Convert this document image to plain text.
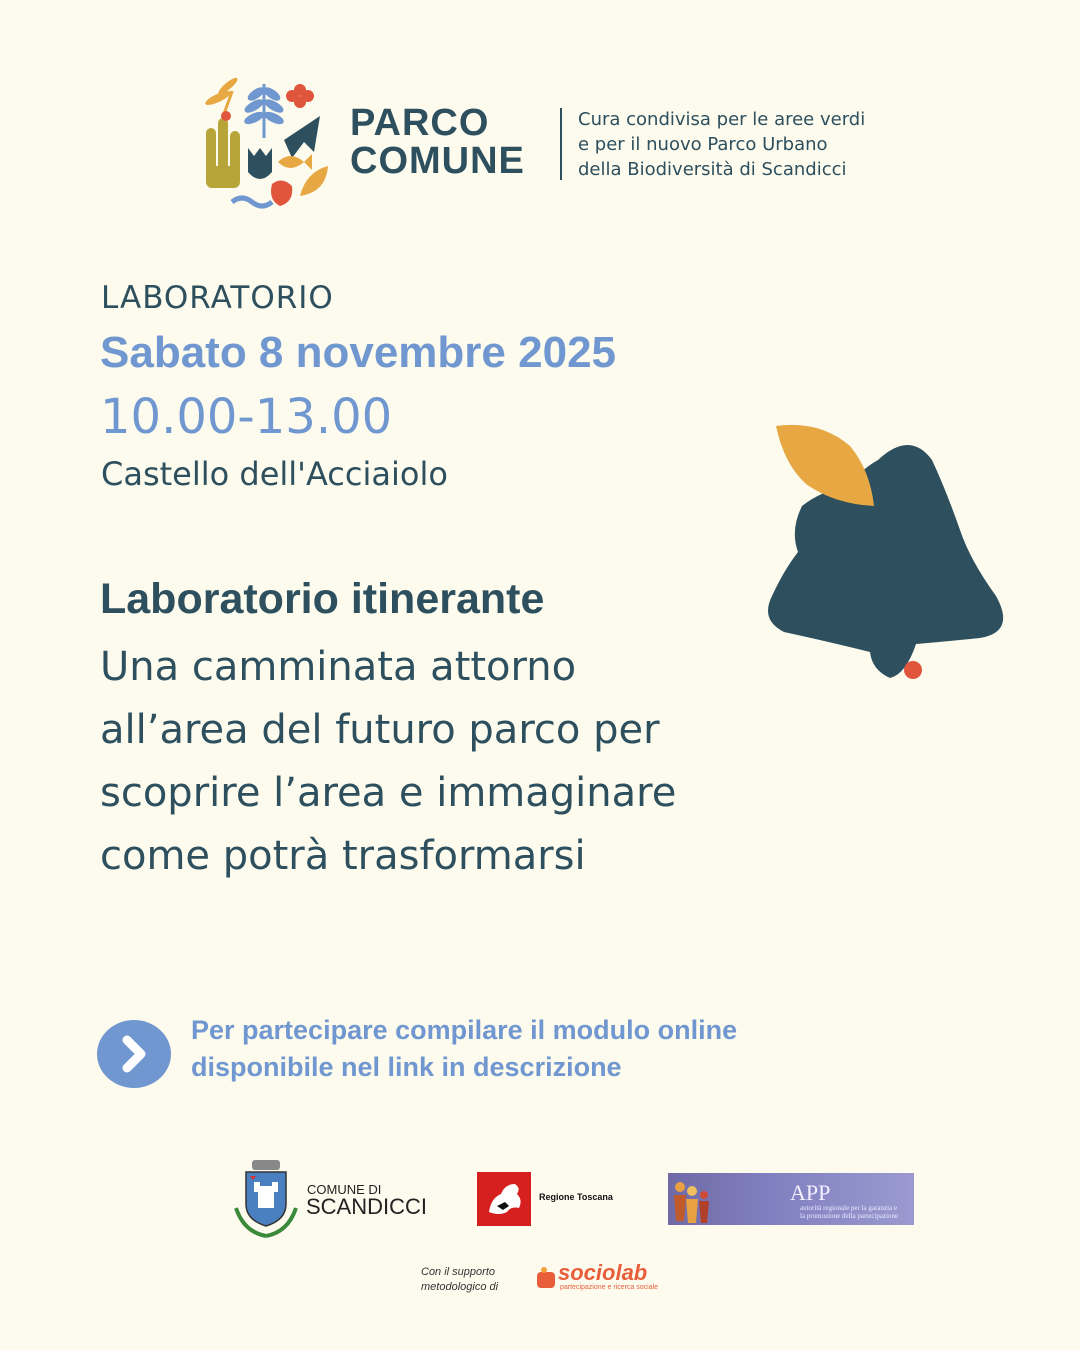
PARCO
COMUNE
Cura condivisa per le aree verdi
e per il nuovo Parco Urbano
della Biodiversità di Scandicci
LABORATORIO
Sabato 8 novembre 2025
10.00-13.00
Castello dell'Acciaiolo
Laboratorio itinerante
Una camminata attorno
all’area del futuro parco per
scoprire l’area e immaginare
come potrà trasformarsi
Per partecipare compilare il modulo online
disponibile nel link in descrizione
COMUNE DI
SCANDICCI	Regione Toscana	APP
autorità regionale per la garanzia e
la promozione della partecipazione
Con il supporto
metodologico di
sociolab
partecipazione e ricerca sociale
